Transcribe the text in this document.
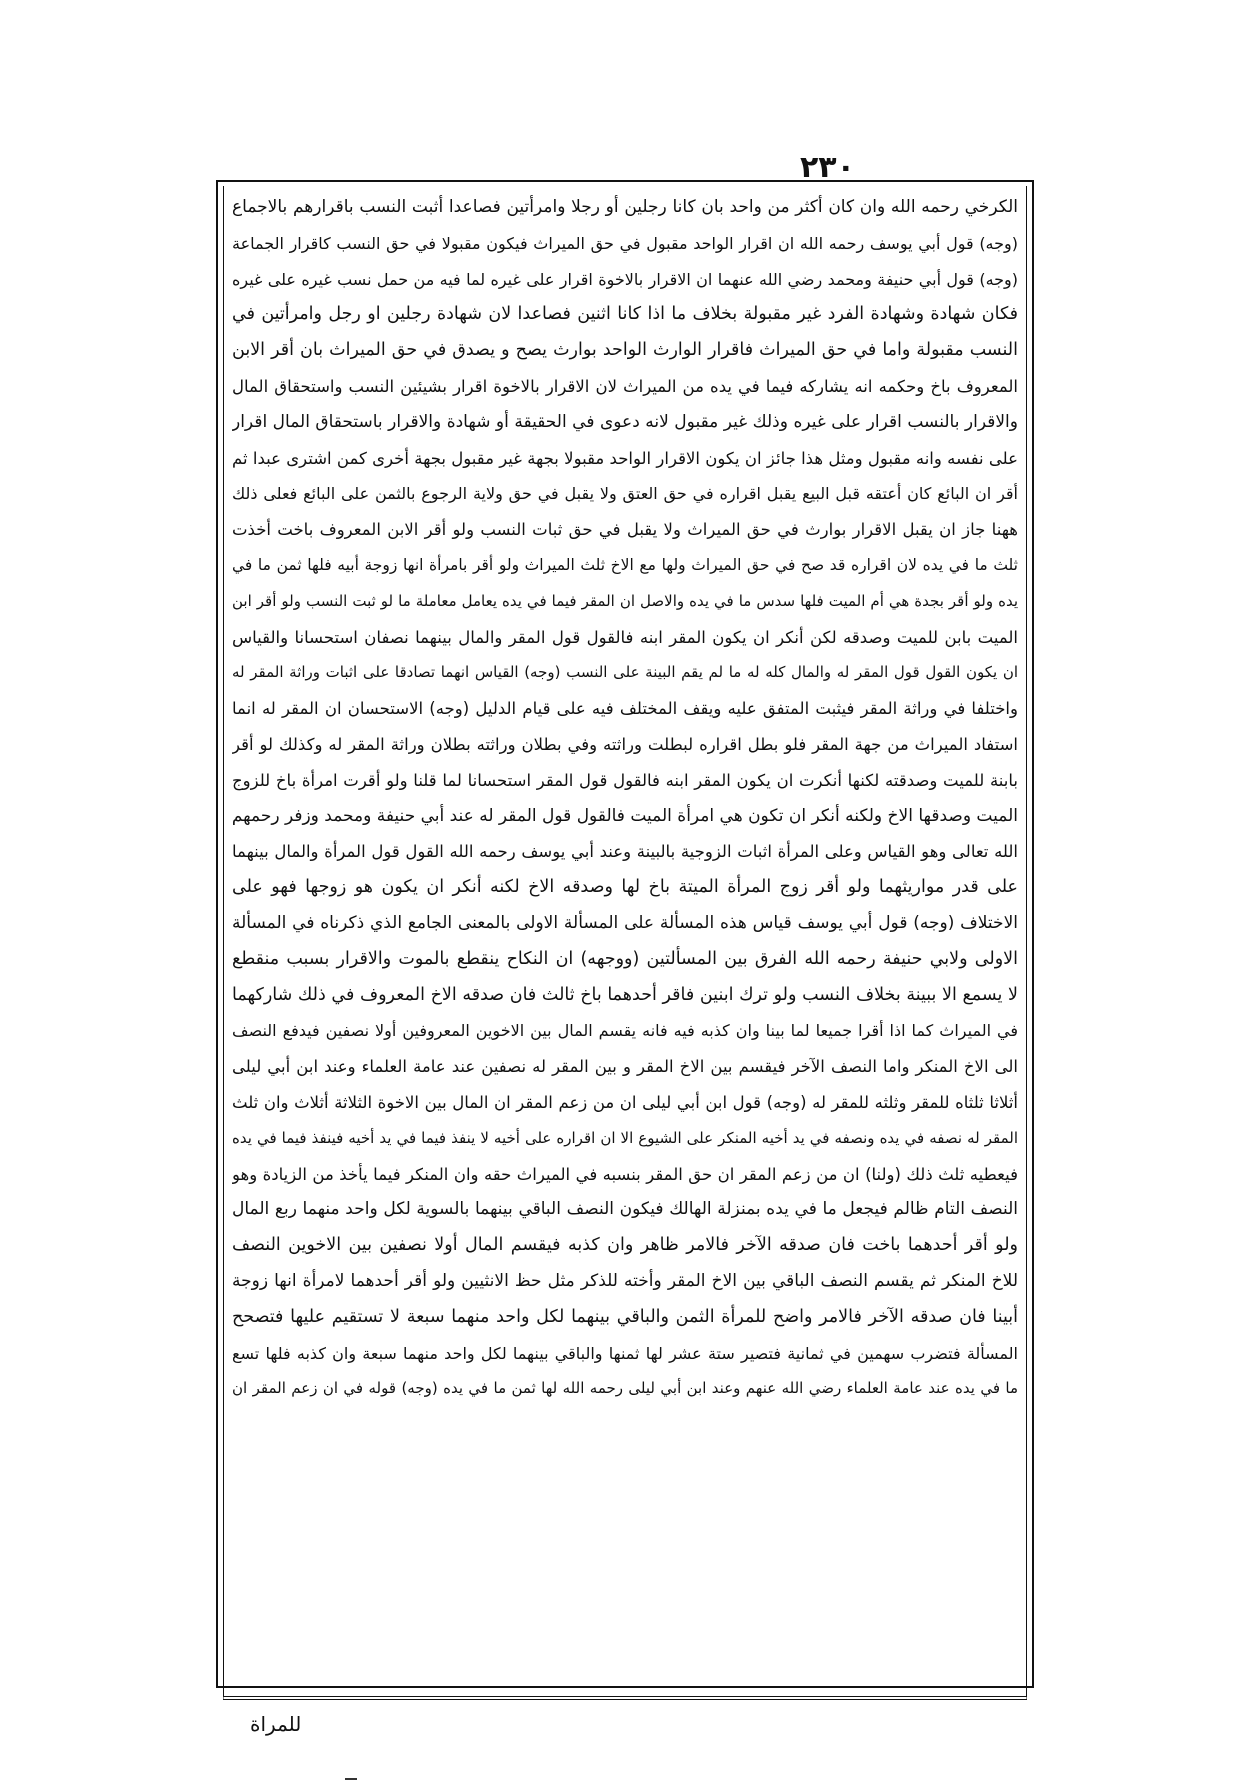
٢٣٠
الكرخي رحمه الله وان كان أكثر من واحد بان كانا رجلين أو رجلا وامرأتين فصاعدا أثبت النسب باقرارهم بالاجماع
(وجه) قول أبي يوسف رحمه الله ان اقرار الواحد مقبول في حق الميراث فيكون مقبولا في حق النسب كاقرار الجماعة
(وجه) قول أبي حنيفة ومحمد رضي الله عنهما ان الاقرار بالاخوة اقرار على غيره لما فيه من حمل نسب غيره على غيره
فكان شهادة وشهادة الفرد غير مقبولة بخلاف ما اذا كانا اثنين فصاعدا لان شهادة رجلين او رجل وامرأتين في
النسب مقبولة واما في حق الميراث فاقرار الوارث الواحد بوارث يصح و يصدق في حق الميراث بان أقر الابن
المعروف باخ وحكمه انه يشاركه فيما في يده من الميراث لان الاقرار بالاخوة اقرار بشيئين النسب واستحقاق المال
والاقرار بالنسب اقرار على غيره وذلك غير مقبول لانه دعوى في الحقيقة أو شهادة والاقرار باستحقاق المال اقرار
على نفسه وانه مقبول ومثل هذا جائز ان يكون الاقرار الواحد مقبولا بجهة غير مقبول بجهة أخرى كمن اشترى عبدا ثم
أقر ان البائع كان أعتقه قبل البيع يقبل اقراره في حق العتق ولا يقبل في حق ولاية الرجوع بالثمن على البائع فعلى ذلك
ههنا جاز ان يقبل الاقرار بوارث في حق الميراث ولا يقبل في حق ثبات النسب ولو أقر الابن المعروف باخت أخذت
ثلث ما في يده لان اقراره قد صح في حق الميراث ولها مع الاخ ثلث الميراث ولو أقر بامرأة انها زوجة أبيه فلها ثمن ما في
يده ولو أقر بجدة هي أم الميت فلها سدس ما في يده والاصل ان المقر فيما في يده يعامل معاملة ما لو ثبت النسب ولو أقر ابن
الميت بابن للميت وصدقه لكن أنكر ان يكون المقر ابنه فالقول قول المقر والمال بينهما نصفان استحسانا والقياس
ان يكون القول قول المقر له والمال كله له ما لم يقم البينة على النسب (وجه) القياس انهما تصادقا على اثبات وراثة المقر له
واختلفا في وراثة المقر فيثبت المتفق عليه ويقف المختلف فيه على قيام الدليل (وجه) الاستحسان ان المقر له انما
استفاد الميراث من جهة المقر فلو بطل اقراره لبطلت وراثته وفي بطلان وراثته بطلان وراثة المقر له وكذلك لو أقر
بابنة للميت وصدقته لكنها أنكرت ان يكون المقر ابنه فالقول قول المقر استحسانا لما قلنا ولو أقرت امرأة باخ للزوج
الميت وصدقها الاخ ولكنه أنكر ان تكون هي امرأة الميت فالقول قول المقر له عند أبي حنيفة ومحمد وزفر رحمهم
الله تعالى وهو القياس وعلى المرأة اثبات الزوجية بالبينة وعند أبي يوسف رحمه الله القول قول المرأة والمال بينهما
على قدر مواريثهما ولو أقر زوج المرأة الميتة باخ لها وصدقه الاخ لكنه أنكر ان يكون هو زوجها فهو على
الاختلاف (وجه) قول أبي يوسف قياس هذه المسألة على المسألة الاولى بالمعنى الجامع الذي ذكرناه في المسألة
الاولى ولابي حنيفة رحمه الله الفرق بين المسألتين (ووجهه) ان النكاح ينقطع بالموت والاقرار بسبب منقطع
لا يسمع الا ببينة بخلاف النسب ولو ترك ابنين فاقر أحدهما باخ ثالث فان صدقه الاخ المعروف في ذلك شاركهما
في الميراث كما اذا أقرا جميعا لما بينا وان كذبه فيه فانه يقسم المال بين الاخوين المعروفين أولا نصفين فيدفع النصف
الى الاخ المنكر واما النصف الآخر فيقسم بين الاخ المقر و بين المقر له نصفين عند عامة العلماء وعند ابن أبي ليلى
أثلاثا ثلثاه للمقر وثلثه للمقر له (وجه) قول ابن أبي ليلى ان من زعم المقر ان المال بين الاخوة الثلاثة أثلاث وان ثلث
المقر له نصفه في يده ونصفه في يد أخيه المنكر على الشيوع الا ان اقراره على أخيه لا ينفذ فيما في يد أخيه فينفذ فيما في يده
فيعطيه ثلث ذلك (ولنا) ان من زعم المقر ان حق المقر بنسبه في الميراث حقه وان المنكر فيما يأخذ من الزيادة وهو
النصف التام ظالم فيجعل ما في يده بمنزلة الهالك فيكون النصف الباقي بينهما بالسوية لكل واحد منهما ربع المال
ولو أقر أحدهما باخت فان صدقه الآخر فالامر ظاهر وان كذبه فيقسم المال أولا نصفين بين الاخوين النصف
للاخ المنكر ثم يقسم النصف الباقي بين الاخ المقر وأخته للذكر مثل حظ الانثيين ولو أقر أحدهما لامرأة انها زوجة
أبينا فان صدقه الآخر فالامر واضح للمرأة الثمن والباقي بينهما لكل واحد منهما سبعة لا تستقيم عليها فتصحح
المسألة فتضرب سهمين في ثمانية فتصير ستة عشر لها ثمنها والباقي بينهما لكل واحد منهما سبعة وان كذبه فلها تسع
ما في يده عند عامة العلماء رضي الله عنهم وعند ابن أبي ليلى رحمه الله لها ثمن ما في يده (وجه) قوله في ان زعم المقر ان
للمراة
